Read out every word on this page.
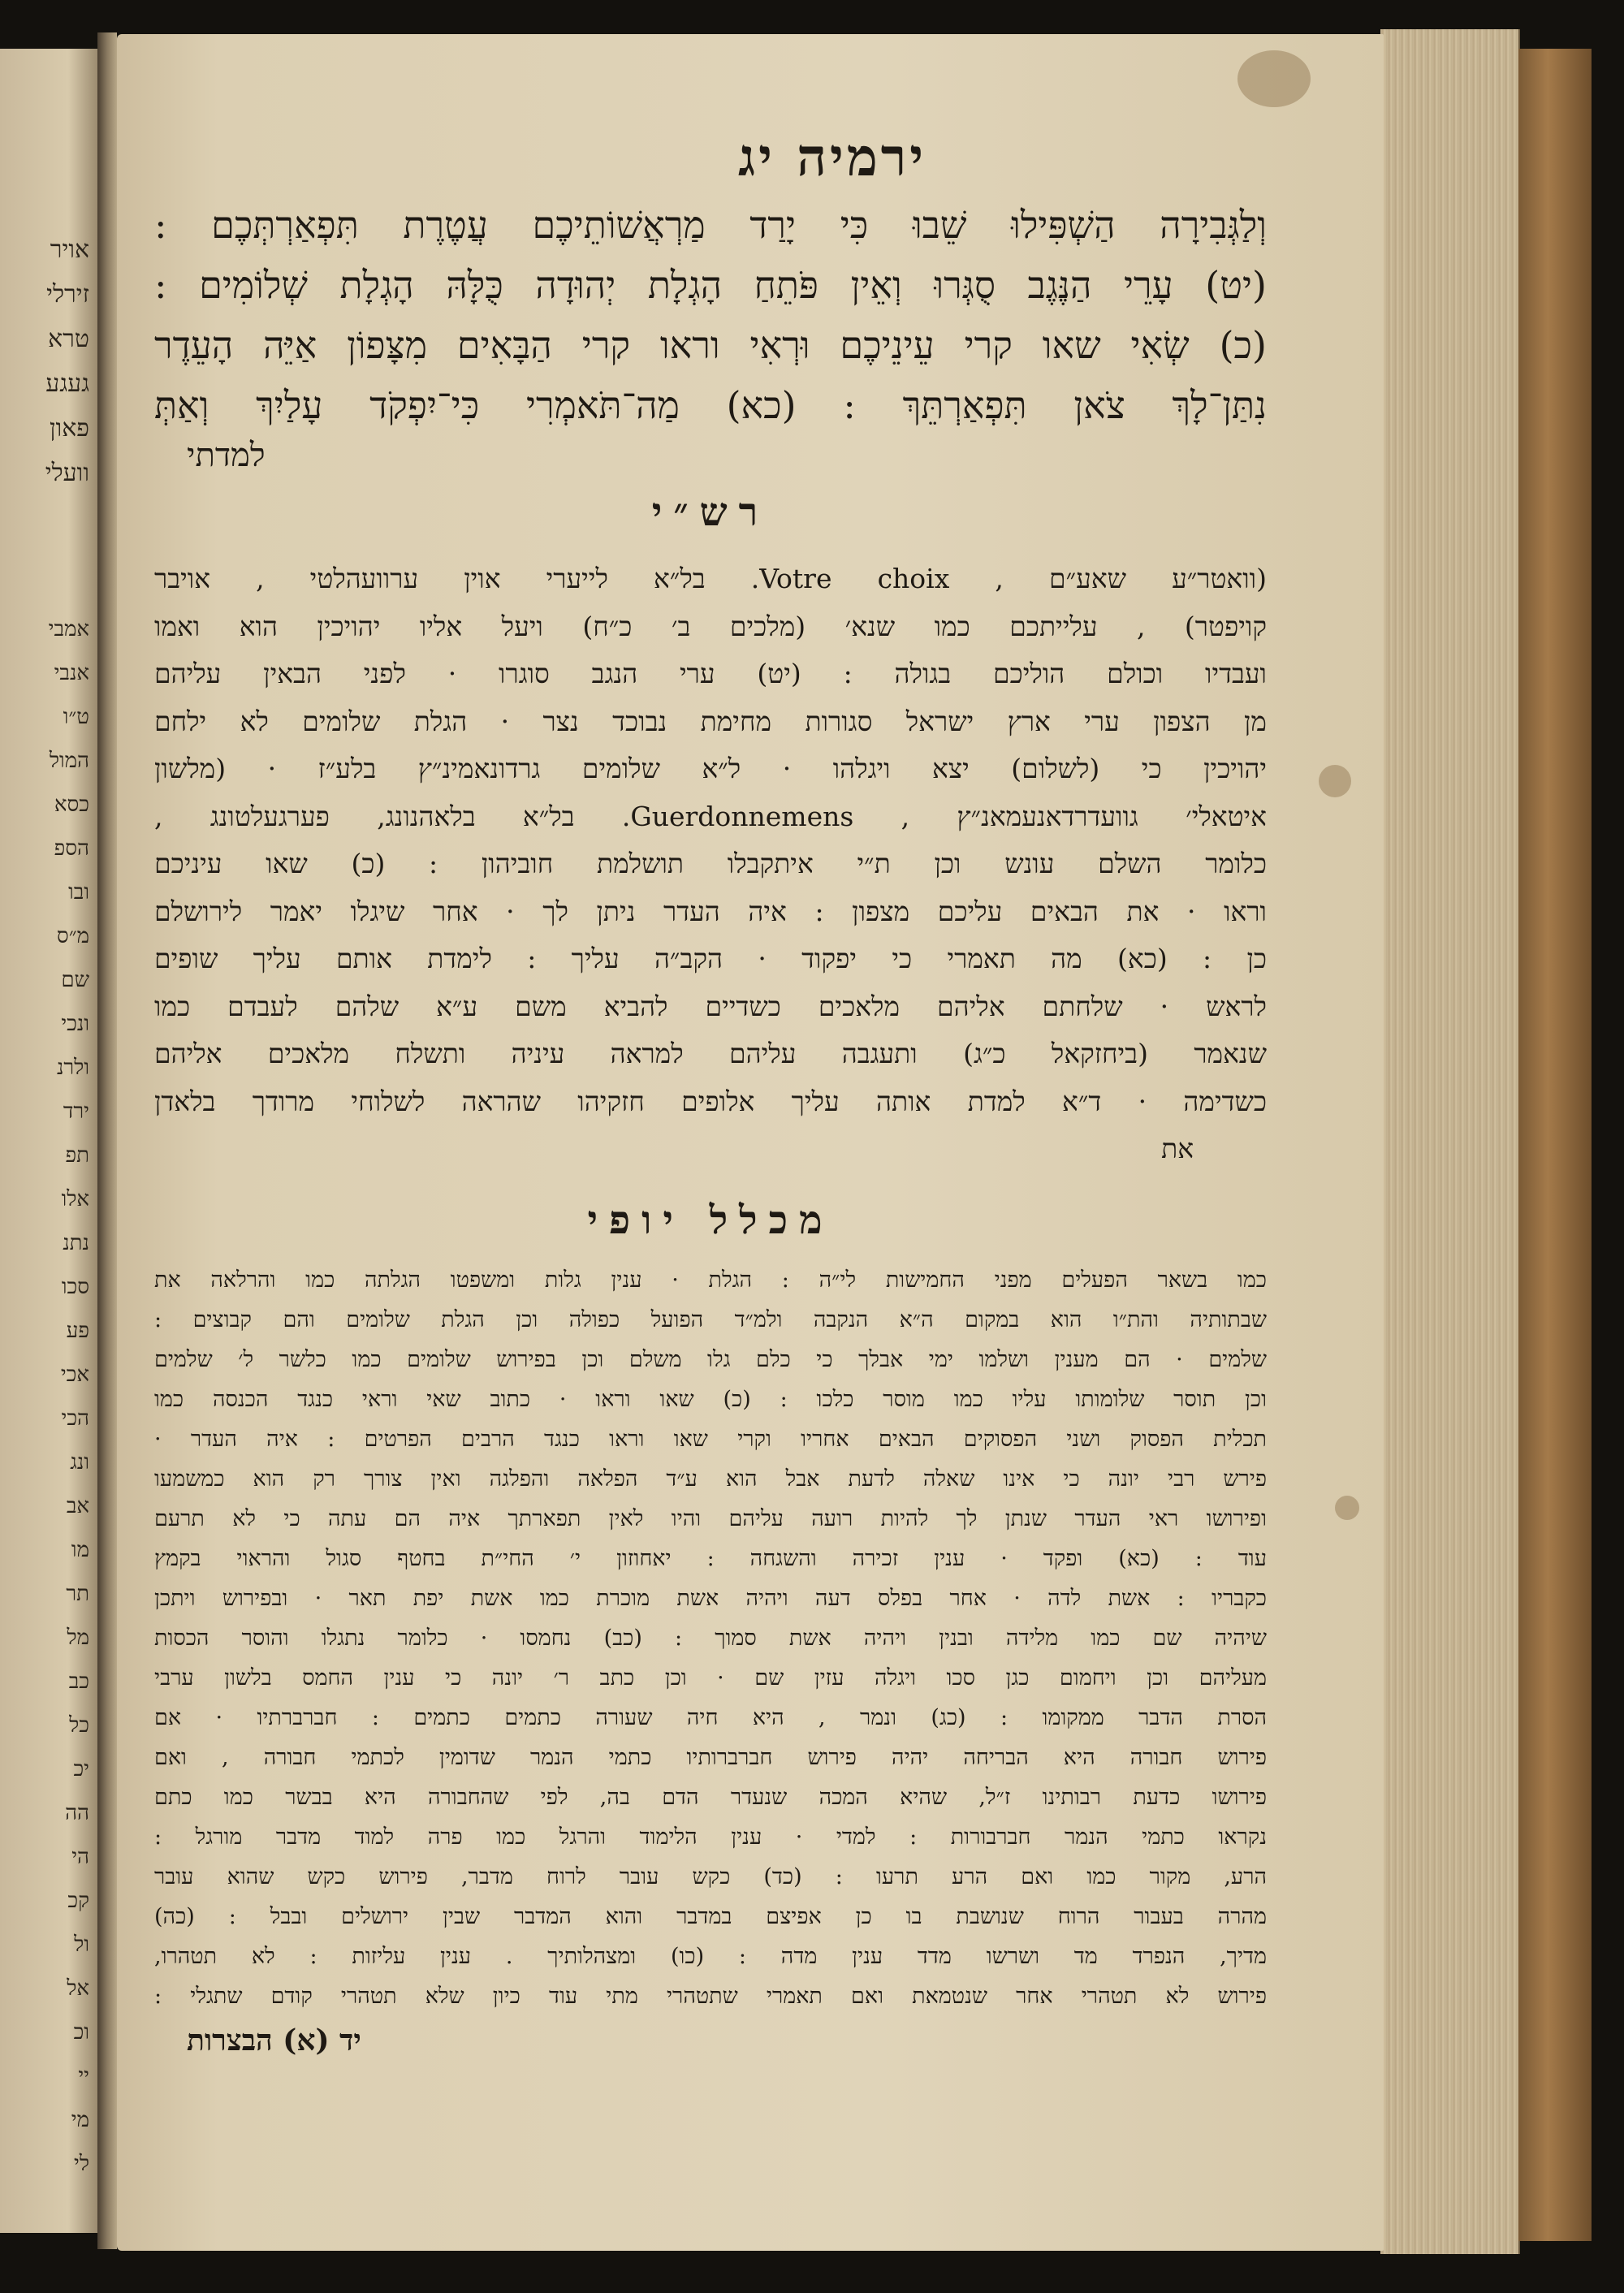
אויר
זירלי
טרא
געגע
פאון
וועלי
אמבי
אנבי
ט״ו
המול
כסא
הספ
ובו
מ״ס
שם
ונכי
ולרנ
ירד
תפ
אלו
נתנ
סכו
פע
אכי
הכי
ונג
אב
מו
תר
מל
כב
כל
יכ
הה
הי
קכ
ול
אל
וכ
יי
מי
לי
ירמיה יג
וְלַגְּבִירָה הַשְׁפִּילוּ שֵׁבוּ כִּי יָרַד מַרְאֲשׁוֹתֵיכֶם עֲטֶרֶת תִּפְאַרְתְּכֶם :
(יט) עָרֵי הַנֶּגֶב סֻגְּרוּ וְאֵין פֹּתֵחַ הָגְלָת יְהוּדָה כֻּלָּהּ הָגְלָת שְׁלוֹמִים :
(כ) שְׂאִי שאו קרי עֵינֵיכֶם וּרְאִי וראו קרי הַבָּאִים מִצָּפוֹן אַיֵּה הָעֵדֶר
נִתַּן־לָךְ צֹאן תִּפְאַרְתֵּךְ : (כא) מַה־תֹּאמְרִי כִּי־יִפְקֹד עָלַיִךְ וְאַתְּ
למדתי
רש״י
(וואטר״ע שאע״ם , Votre choix. בל״א לייערי אוין ערוועהלטי , אויבר
קויפטר) , עלייתכם כמו שנא׳ (מלכים ב׳ כ״ח) ויעל אליו יהויכין הוא ואמו
ועבדיו וכולם הוליכם בגולה : (יט) ערי הנגב סוגרו · לפני הבאין עליהם
מן הצפון ערי ארץ ישראל סגורות מחימת נבוכד נצר · הגלת שלומים לא ילחם
יהויכין כי (לשלום) יצא ויגלהו · ל״א שלומים גרדונאמינ״ץ בלע״ז · (מלשון
איטאלי׳ גוועדרדאנעמאנ״ץ , Guerdonnemens. בל״א בלאהנונג, פערגעלטונג ,
כלומר השלם עונש וכן ת״י איתקבלו תושלמת חוביהון : (כ) שאו עיניכם
וראו · את הבאים עליכם מצפון : איה העדר ניתן לך · אחר שיגלו יאמר לירושלם
כן : (כא) מה תאמרי כי יפקוד · הקב״ה עליך : לימדת אותם עליך שופים
לראש · שלחתם אליהם מלאכים כשדיים להביא משם ע״א שלהם לעבדם כמו
שנאמר (ביחזקאל כ״ג) ותעגבה עליהם למראה עיניה ותשלח מלאכים אליהם
כשדימה · ד״א למדת אותה עליך אלופים חזקיהו שהראה לשלוחי מרודך בלאדן
את
מכלל יופי
כמו בשאר הפעלים מפני החמישות לי״ה : הגלת · ענין גלות ומשפטו הגלתה כמו והרלאה את
שבתותיה והת״ו הוא במקום ה״א הנקבה ולמ״ד הפועל כפולה וכן הגלת שלומים והם קבוצים :
שלמים · הם מענין ושלמו ימי אבלך כי כלם גלו משלם וכן בפירוש שלומים כמו כלשר ל׳ שלמים
וכן תוסר שלומותו עליו כמו מוסר כלכו : (כ) שאו וראו · כתוב שאי וראי כנגד הכנסה כמו
תכלית הפסוק ושני הפסוקים הבאים אחריו וקרי שאו וראו כנגד הרבים הפרטים : איה העדר ·
פירש רבי יונה כי אינו שאלה לדעת אבל הוא ע״ד הפלאה והפלגה ואין צורך רק הוא כמשמעו
ופירושו ראי העדר שנתן לך להיות רועה עליהם והיו לאין תפארתך איה הם עתה כי לא תרעם
עוד : (כא) ופקד · ענין זכירה והשגחה : יאחוזון י׳ החי״ת בחטף סגול והראוי בקמץ
כקבריו : אשת לדה · אחר בפלס דעה ויהיה אשת מוכרת כמו אשת יפת תאר · ובפירוש ויתכן
שיהיה שם כמו מלידה ובנין ויהיה אשת סמוך : (כב) נחמסו · כלומר נתגלו והוסר הכסות
מעליהם וכן ויחמום כגן סכו ויגלה עזין שם · וכן כתב ר׳ יונה כי ענין החמס בלשון ערבי
הסרת הדבר ממקומו : (כג) ונמר , היא חיה שעורה כתמים כתמים : חברברתיו · אם
פירוש חבורה היא הבריחה יהיה פירוש חברברותיו כתמי הנמר שדומין לכתמי חבורה , ואם
פירושו כדעת רבותינו ז״ל, שהיא המכה שנעדר הדם בה, לפי שהחבורה היא בבשר כמו כתם
נקראו כתמי הנמר חברבורות : למדי · ענין הלימוד והרגל כמו פרה למוד מדבר מורגל :
הרע, מקור כמו ואם הרע תרעו : (כד) כקש עובר לרוח מדבר, פירוש כקש שהוא עובר
מהרה בעבור הרוח שנושבת בו כן אפיצם במדבר והוא המדבר שבין ירושלים ובבל : (כה)
מדיך, הנפרד מד ושרשו מדד ענין מדה : (כו) ומצהלותיך . ענין עליזות : לא תטהרו,
פירוש לא תטהרי אחר שנטמאת ואם תאמרי שתטהרי מתי עוד כיון שלא תטהרי קודם שתגלי :
יד (א) הבצרות
